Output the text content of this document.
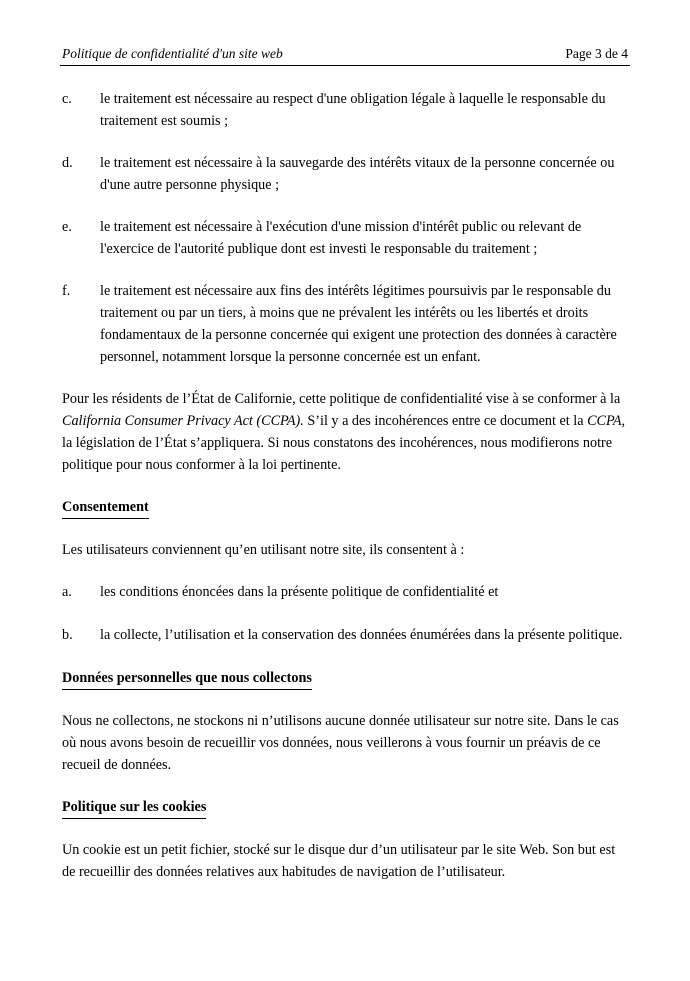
Politique de confidentialité d'un site web	Page 3 de 4
c. le traitement est nécessaire au respect d'une obligation légale à laquelle le responsable du traitement est soumis ;
d. le traitement est nécessaire à la sauvegarde des intérêts vitaux de la personne concernée ou d'une autre personne physique ;
e. le traitement est nécessaire à l'exécution d'une mission d'intérêt public ou relevant de l'exercice de l'autorité publique dont est investi le responsable du traitement ;
f. le traitement est nécessaire aux fins des intérêts légitimes poursuivis par le responsable du traitement ou par un tiers, à moins que ne prévalent les intérêts ou les libertés et droits fondamentaux de la personne concernée qui exigent une protection des données à caractère personnel, notamment lorsque la personne concernée est un enfant.

Pour les résidents de l’État de Californie, cette politique de confidentialité vise à se conformer à la California Consumer Privacy Act (CCPA). S’il y a des incohérences entre ce document et la CCPA, la législation de l’État s’appliquera. Si nous constatons des incohérences, nous modifierons notre politique pour nous conformer à la loi pertinente.

Consentement

Les utilisateurs conviennent qu’en utilisant notre site, ils consentent à :

a. les conditions énoncées dans la présente politique de confidentialité et
b. la collecte, l’utilisation et la conservation des données énumérées dans la présente politique.
Données personnelles que nous collectons

Nous ne collectons, ne stockons ni n’utilisons aucune donnée utilisateur sur notre site. Dans le cas où nous avons besoin de recueillir vos données, nous veillerons à vous fournir un préavis de ce recueil de données.

Politique sur les cookies

Un cookie est un petit fichier, stocké sur le disque dur d’un utilisateur par le site Web. Son but est de recueillir des données relatives aux habitudes de navigation de l’utilisateur.
